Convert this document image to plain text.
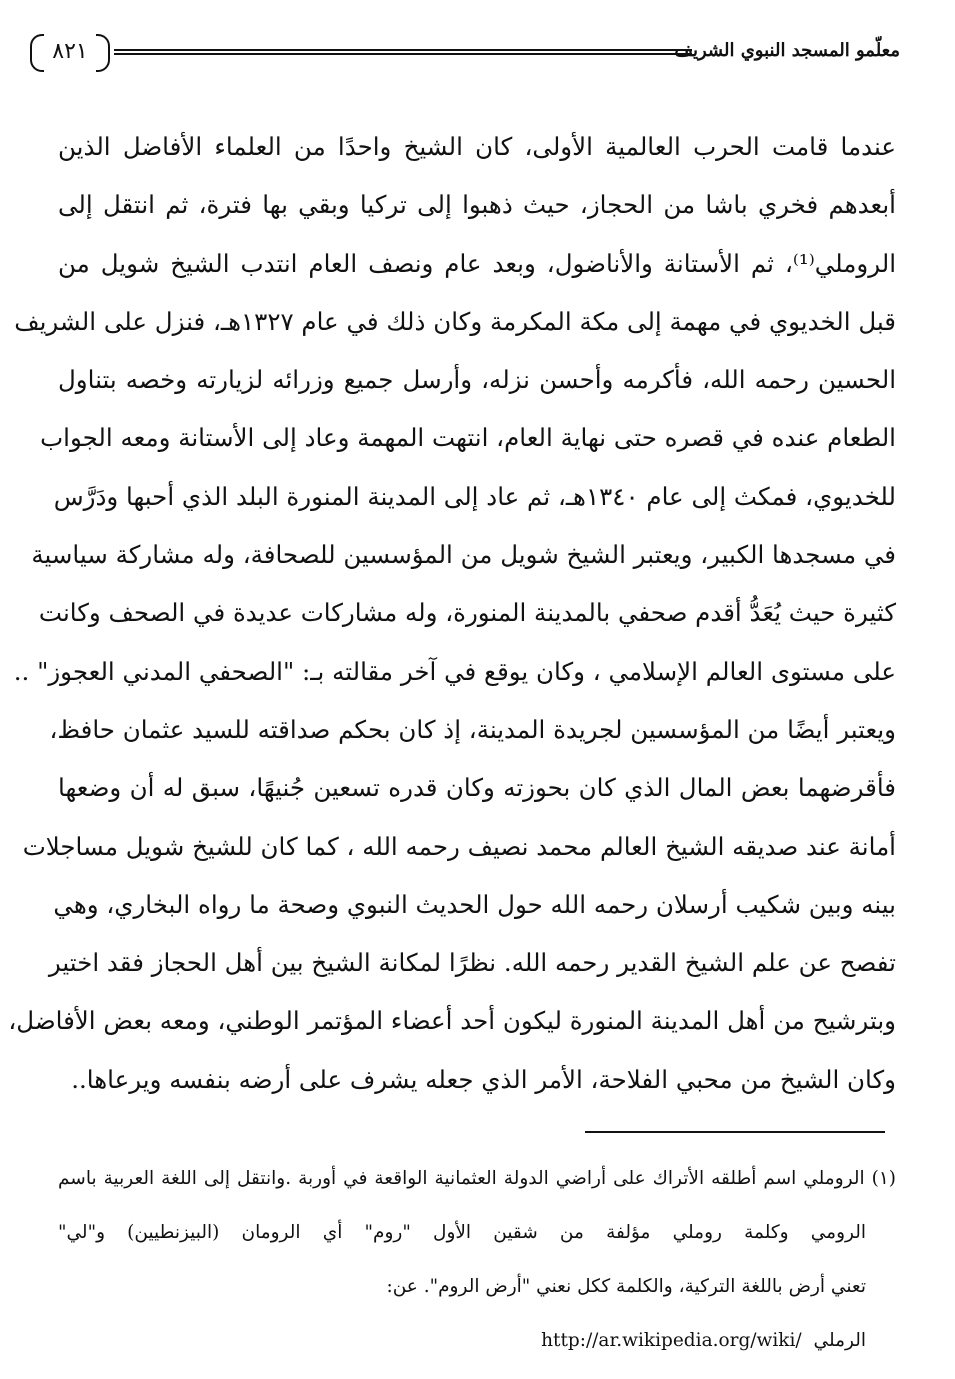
٨٢١	معلّمو المسجد النبوي الشريف
عندما قامت الحرب العالمية الأولى، كان الشيخ واحدًا من العلماء الأفاضل الذين
أبعدهم فخري باشا من الحجاز، حيث ذهبوا إلى تركيا وبقي بها فترة، ثم انتقل إلى
الروملي⁽¹⁾، ثم الأستانة والأناضول، وبعد عام ونصف العام انتدب الشيخ شويل من
قبل الخديوي في مهمة إلى مكة المكرمة وكان ذلك في عام ١٣٢٧هـ، فنزل على الشريف
الحسين رحمه الله، فأكرمه وأحسن نزله، وأرسل جميع وزرائه لزيارته وخصه بتناول
الطعام عنده في قصره حتى نهاية العام، انتهت المهمة وعاد إلى الأستانة ومعه الجواب
للخديوي، فمكث إلى عام ١٣٤٠هـ، ثم عاد إلى المدينة المنورة البلد الذي أحبها ودَرَّس
في مسجدها الكبير، ويعتبر الشيخ شويل من المؤسسين للصحافة، وله مشاركة سياسية
كثيرة حيث يُعَدُّ أقدم صحفي بالمدينة المنورة، وله مشاركات عديدة في الصحف وكانت
على مستوى العالم الإسلامي ، وكان يوقع في آخر مقالته بـ: "الصحفي المدني العجوز" ..
ويعتبر أيضًا من المؤسسين لجريدة المدينة، إذ كان بحكم صداقته للسيد عثمان حافظ،
فأقرضهما بعض المال الذي كان بحوزته وكان قدره تسعين جُنيهًا، سبق له أن وضعها
أمانة عند صديقه الشيخ العالم محمد نصيف رحمه الله ، كما كان للشيخ شويل مساجلات
بينه وبين شكيب أرسلان رحمه الله حول الحديث النبوي وصحة ما رواه البخاري، وهي
تفصح عن علم الشيخ القدير رحمه الله. نظرًا لمكانة الشيخ بين أهل الحجاز فقد اختير
وبترشيح من أهل المدينة المنورة ليكون أحد أعضاء المؤتمر الوطني، ومعه بعض الأفاضل،
وكان الشيخ من محبي الفلاحة، الأمر الذي جعله يشرف على أرضه بنفسه ويرعاها..
(١) الروملي اسم أطلقه الأتراك على أراضي الدولة العثمانية الواقعة في أوربة .وانتقل إلى اللغة العربية باسم
الرومي وكلمة روملي مؤلفة من شقين الأول "روم" أي الرومان (البيزنطيين) و"لي"
تعني أرض باللغة التركية، والكلمة ككل نعني "أرض الروم". عن:
الرملي http://ar.wikipedia.org/wiki/
